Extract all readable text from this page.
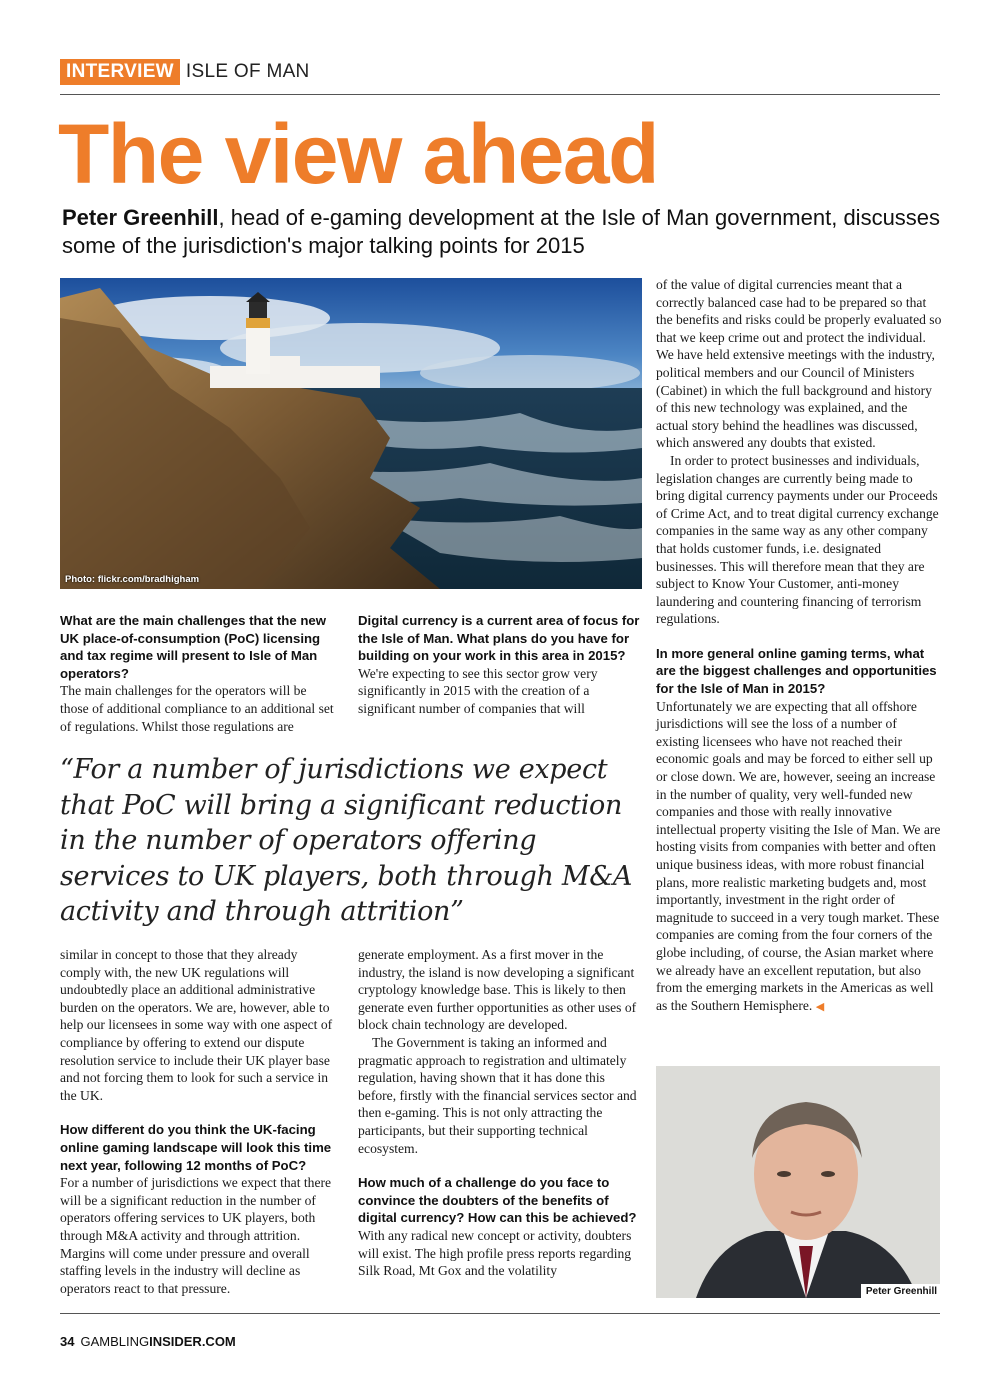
INTERVIEW ISLE OF MAN
The view ahead
Peter Greenhill, head of e-gaming development at the Isle of Man government, discusses some of the jurisdiction's major talking points for 2015
Photo: flickr.com/bradhigham

What are the main challenges that the new UK place-of-consumption (PoC) licensing and tax regime will present to Isle of Man operators?

The main challenges for the operators will be those of additional compliance to an additional set of regulations. Whilst those regulations are

Digital currency is a current area of focus for the Isle of Man. What plans do you have for building on your work in this area in 2015?

We're expecting to see this sector grow very significantly in 2015 with the creation of a significant number of companies that will

“For a number of jurisdictions we expect that PoC will bring a significant reduction in the number of operators offering services to UK players, both through M&A activity and through attrition”

similar in concept to those that they already comply with, the new UK regulations will undoubtedly place an additional administrative burden on the operators. We are, however, able to help our licensees in some way with one aspect of compliance by offering to extend our dispute resolution service to include their UK player base and not forcing them to look for such a service in the UK.

How different do you think the UK-facing online gaming landscape will look this time next year, following 12 months of PoC?

For a number of jurisdictions we expect that there will be a significant reduction in the number of operators offering services to UK players, both through M&A activity and through attrition. Margins will come under pressure and overall staffing levels in the industry will decline as operators react to that pressure.

generate employment. As a first mover in the industry, the island is now developing a significant cryptology knowledge base. This is likely to then generate even further opportunities as other uses of block chain technology are developed.

The Government is taking an informed and pragmatic approach to registration and ultimately regulation, having shown that it has done this before, firstly with the financial services sector and then e-gaming. This is not only attracting the participants, but their supporting technical ecosystem.

How much of a challenge do you face to convince the doubters of the benefits of digital currency? How can this be achieved?

With any radical new concept or activity, doubters will exist. The high profile press reports regarding Silk Road, Mt Gox and the volatility

of the value of digital currencies meant that a correctly balanced case had to be prepared so that the benefits and risks could be properly evaluated so that we keep crime out and protect the individual. We have held extensive meetings with the industry, political members and our Council of Ministers (Cabinet) in which the full background and history of this new technology was explained, and the actual story behind the headlines was discussed, which answered any doubts that existed.

In order to protect businesses and individuals, legislation changes are currently being made to bring digital currency payments under our Proceeds of Crime Act, and to treat digital currency exchange companies in the same way as any other company that holds customer funds, i.e. designated businesses. This will therefore mean that they are subject to Know Your Customer, anti-money laundering and countering financing of terrorism regulations.

In more general online gaming terms, what are the biggest challenges and opportunities for the Isle of Man in 2015?

Unfortunately we are expecting that all offshore jurisdictions will see the loss of a number of existing licensees who have not reached their economic goals and may be forced to either sell up or close down. We are, however, seeing an increase in the number of quality, very well-funded new companies and those with really innovative intellectual property visiting the Isle of Man. We are hosting visits from companies with better and often unique business ideas, with more robust financial plans, more realistic marketing budgets and, most importantly, investment in the right order of magnitude to succeed in a very tough market. These companies are coming from the four corners of the globe including, of course, the Asian market where we already have an excellent reputation, but also from the emerging markets in the Americas as well as the Southern Hemisphere. ◀

Peter Greenhill
34 GAMBLINGINSIDER.COM
